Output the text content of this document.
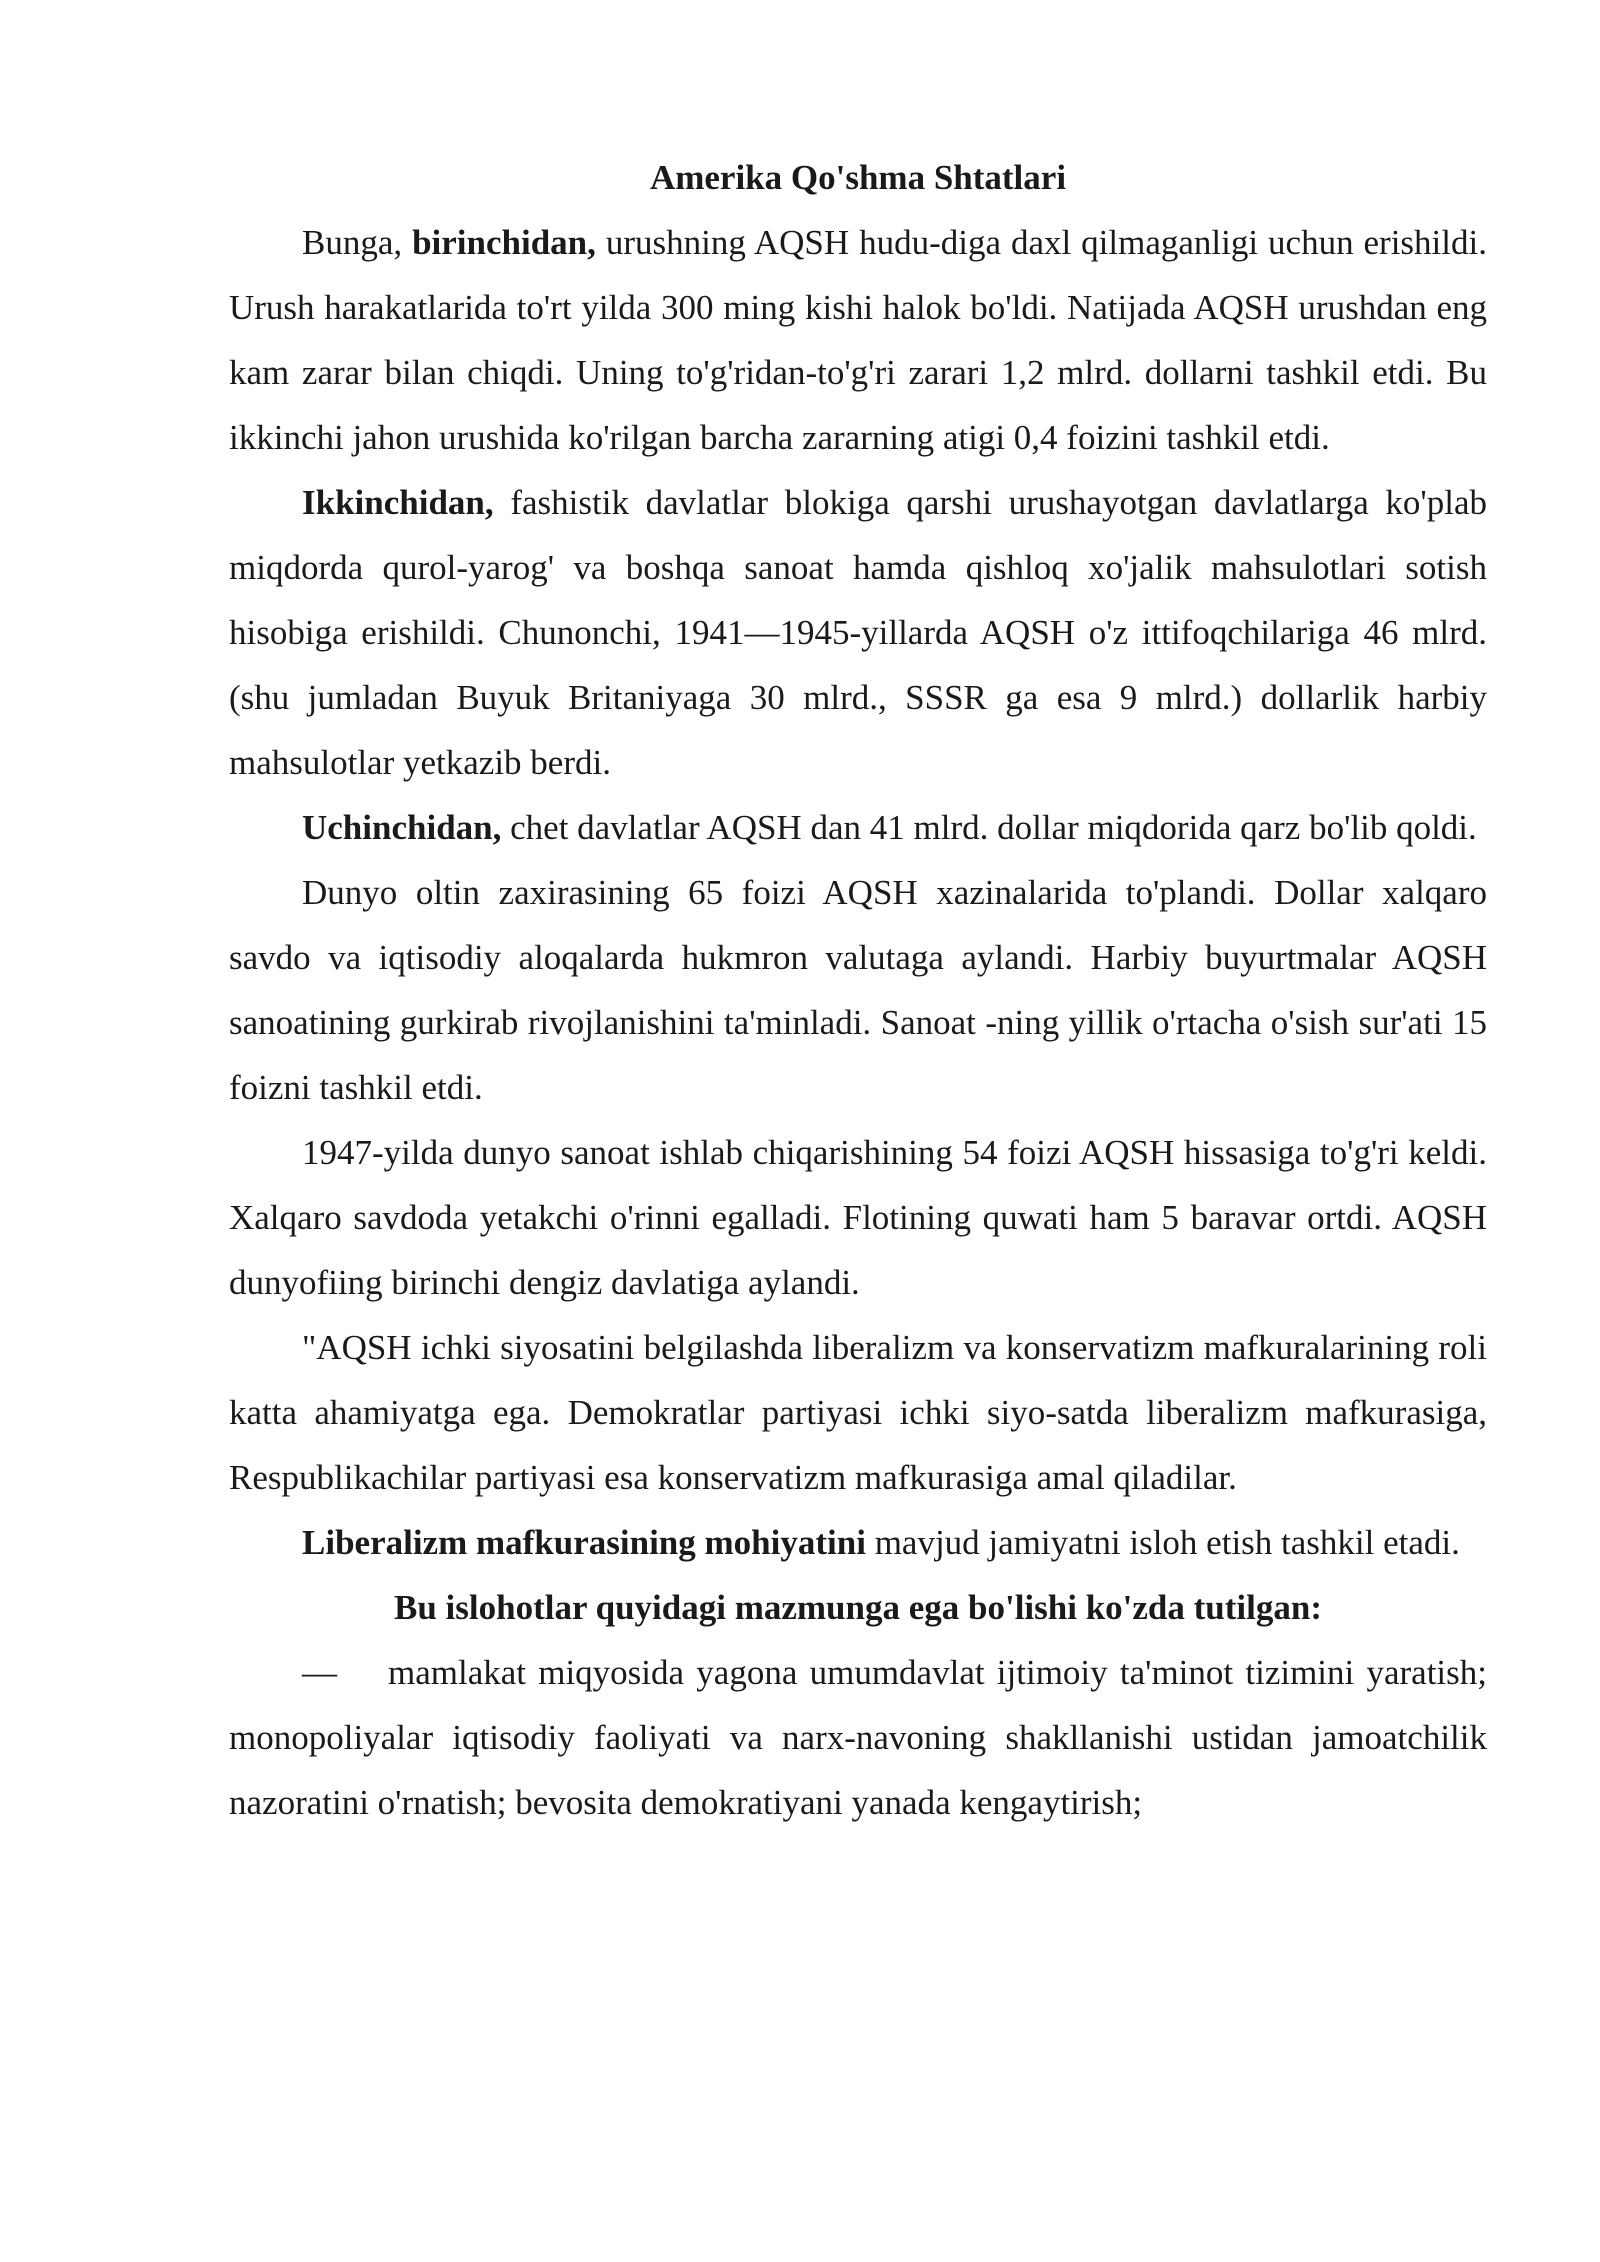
Amerika Qo'shma Shtatlari

Bunga, birinchidan, urushning AQSH hudu-diga daxl qilmaganligi uchun erishildi. Urush harakatlarida to'rt yilda 300 ming kishi halok bo'ldi. Natijada AQSH urushdan eng kam zarar bilan chiqdi. Uning to'g'ridan-to'g'ri zarari 1,2 mlrd. dollarni tashkil etdi. Bu ikkinchi jahon urushida ko'rilgan barcha zararning atigi 0,4 foizini tashkil etdi.

Ikkinchidan, fashistik davlatlar blokiga qarshi urushayotgan davlatlarga ko'plab miqdorda qurol-yarog' va boshqa sanoat hamda qishloq xo'jalik mahsulotlari sotish hisobiga erishildi. Chunonchi, 1941—1945-yillarda AQSH o'z ittifoqchilariga 46 mlrd. (shu jumladan Buyuk Britaniyaga 30 mlrd., SSSR ga esa 9 mlrd.) dollarlik harbiy mahsulotlar yetkazib berdi.

Uchinchidan, chet davlatlar AQSH dan 41 mlrd. dollar miqdorida qarz bo'lib qoldi.

Dunyo oltin zaxirasining 65 foizi AQSH xazinalarida to'plandi. Dollar xalqaro savdo va iqtisodiy aloqalarda hukmron valutaga aylandi. Harbiy buyurtmalar AQSH sanoatining gurkirab rivojlanishini ta'minladi. Sanoat -ning yillik o'rtacha o'sish sur'ati 15 foizni tashkil etdi.

1947-yilda dunyo sanoat ishlab chiqarishining 54 foizi AQSH hissasiga to'g'ri keldi. Xalqaro savdoda yetakchi o'rinni egalladi. Flotining quwati ham 5 baravar ortdi. AQSH dunyofiing birinchi dengiz davlatiga aylandi.

"AQSH ichki siyosatini belgilashda liberalizm va konservatizm mafkuralarining roli katta ahamiyatga ega. Demokratlar partiyasi ichki siyo-satda liberalizm mafkurasiga, Respublikachilar partiyasi esa konservatizm mafkurasiga amal qiladilar.

Liberalizm mafkurasining mohiyatini mavjud jamiyatni isloh etish tashkil etadi.

Bu islohotlar quyidagi mazmunga ega bo'lishi ko'zda tutilgan:

— mamlakat miqyosida yagona umumdavlat ijtimoiy ta'minot tizimini yaratish; monopoliyalar iqtisodiy faoliyati va narx-navoning shakllanishi ustidan jamoatchilik nazoratini o'rnatish; bevosita demokratiyani yanada kengaytirish;
